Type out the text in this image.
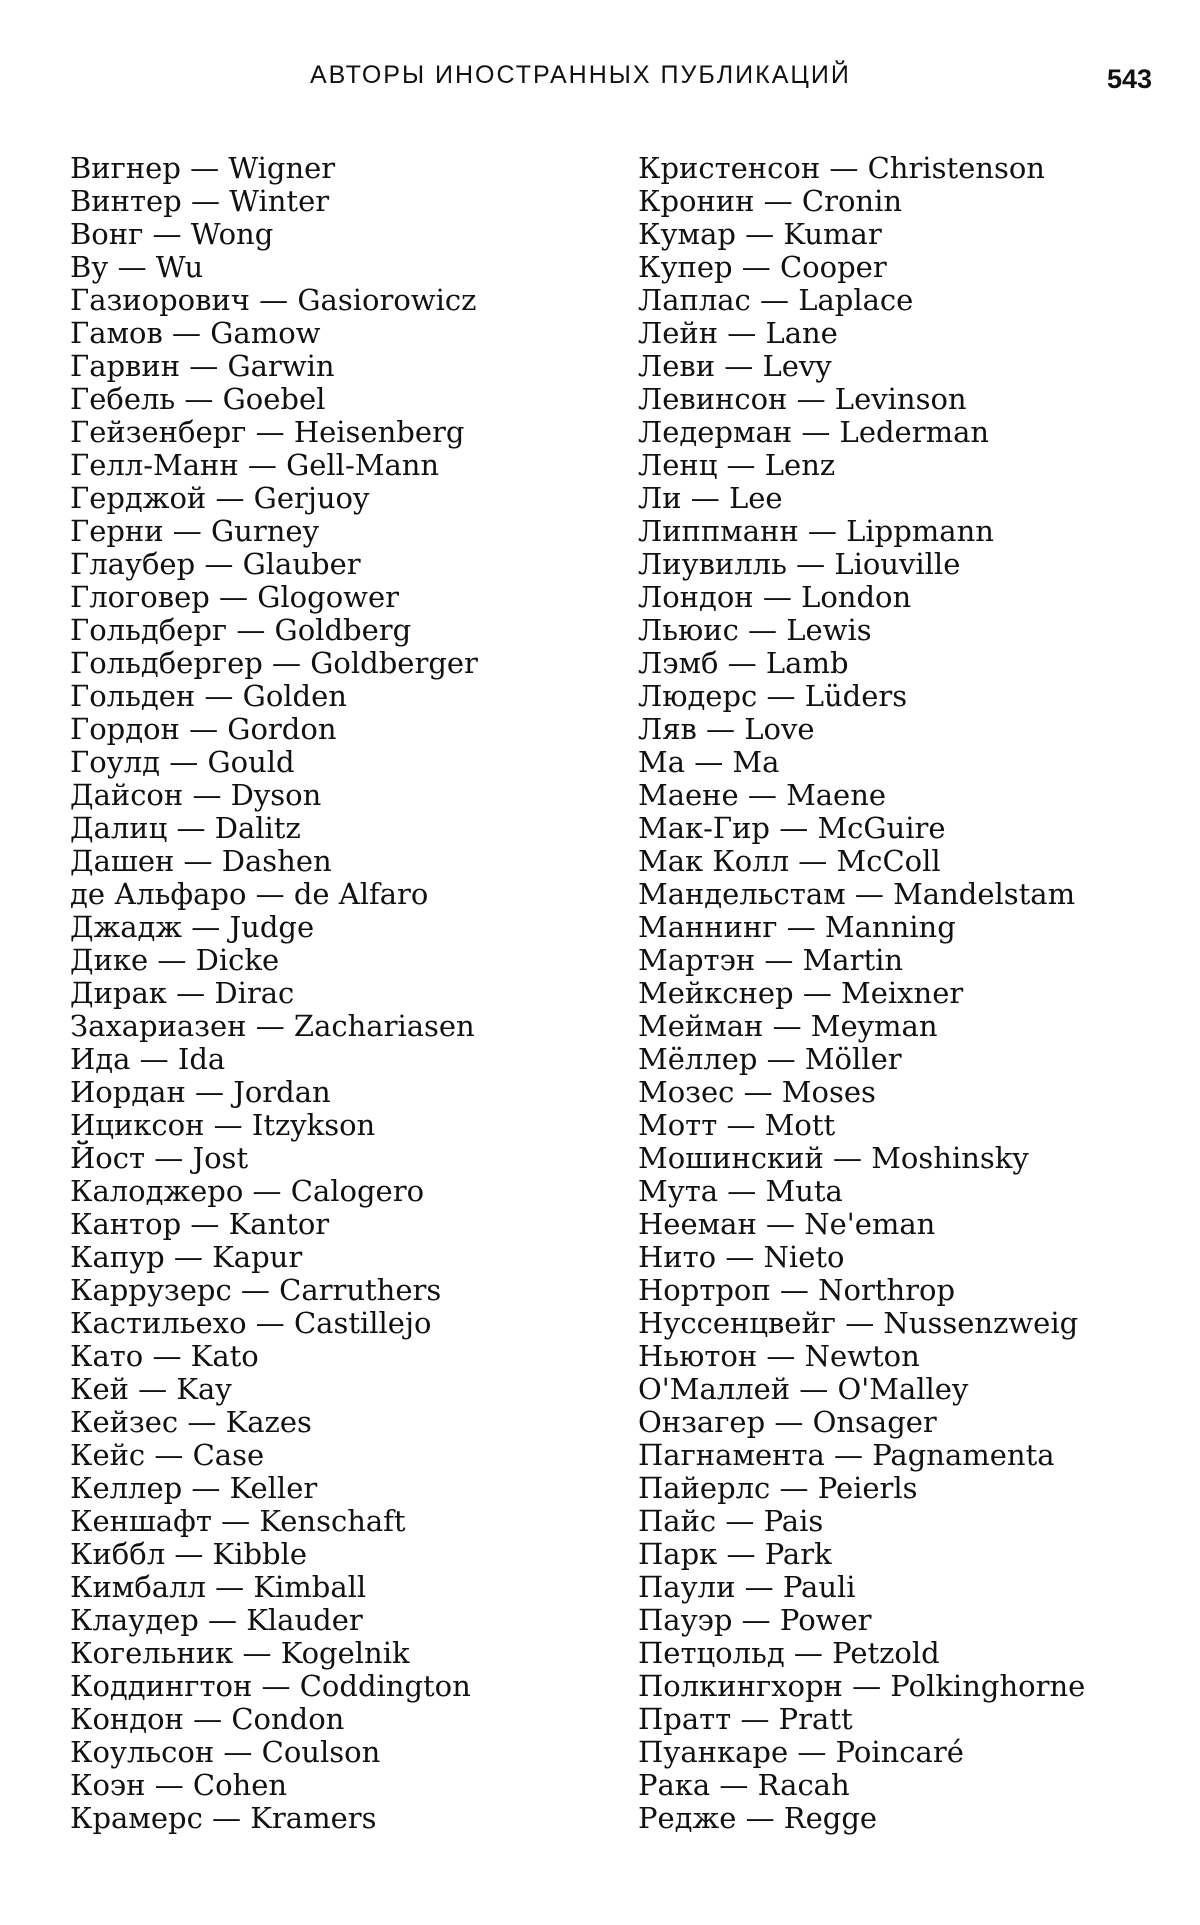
АВТОРЫ ИНОСТРАННЫХ ПУБЛИКАЦИЙ	543
Вигнер — Wigner
Винтер — Winter
Вонг — Wong
Ву — Wu
Газиорович — Gasiorowicz
Гамов — Gamow
Гарвин — Garwin
Гебель — Goebel
Гейзенберг — Heisenberg
Гелл-Манн — Gell-Mann
Герджой — Gerjuoy
Герни — Gurney
Глаубер — Glauber
Глоговер — Glogower
Гольдберг — Goldberg
Гольдбергер — Goldberger
Гольден — Golden
Гордон — Gordon
Гоулд — Gould
Дайсон — Dyson
Далиц — Dalitz
Дашен — Dashen
де Альфаро — de Alfaro
Джадж — Judge
Дике — Dicke
Дирак — Dirac
Захариазен — Zachariasen
Ида — Ida
Иордан — Jordan
Ициксон — Itzykson
Йост — Jost
Калоджеро — Calogero
Кантор — Kantor
Капур — Kapur
Каррузерс — Carruthers
Кастильехо — Castillejo
Като — Kato
Кей — Kay
Кейзес — Kazes
Кейс — Case
Келлер — Keller
Кеншафт — Kenschaft
Киббл — Kibble
Кимбалл — Kimball
Клаудер — Klauder
Когельник — Kogelnik
Коддингтон — Coddington
Кондон — Condon
Коульсон — Coulson
Коэн — Cohen
Крамерс — Kramers
Кристенсон — Christenson
Кронин — Cronin
Кумар — Kumar
Купер — Cooper
Лаплас — Laplace
Лейн — Lane
Леви — Levy
Левинсон — Levinson
Ледерман — Lederman
Ленц — Lenz
Ли — Lee
Липпманн — Lippmann
Лиувилль — Liouville
Лондон — London
Льюис — Lewis
Лэмб — Lamb
Людерс — Lüders
Ляв — Love
Ма — Ma
Маене — Maene
Мак-Гир — McGuire
Мак Колл — McColl
Мандельстам — Mandelstam
Маннинг — Manning
Мартэн — Martin
Мейкснер — Meixner
Мейман — Meyman
Мёллер — Möller
Мозес — Moses
Мотт — Mott
Мошинский — Moshinsky
Мута — Muta
Нееман — Ne'eman
Нито — Nieto
Нортроп — Northrop
Нуссенцвейг — Nussenzweig
Ньютон — Newton
О'Маллей — O'Malley
Онзагер — Onsager
Пагнамента — Pagnamenta
Пайерлс — Peierls
Пайс — Pais
Парк — Park
Паули — Pauli
Пауэр — Power
Петцольд — Petzold
Полкингхорн — Polkinghorne
Пратт — Pratt
Пуанкаре — Poincaré
Рака — Racah
Редже — Regge
